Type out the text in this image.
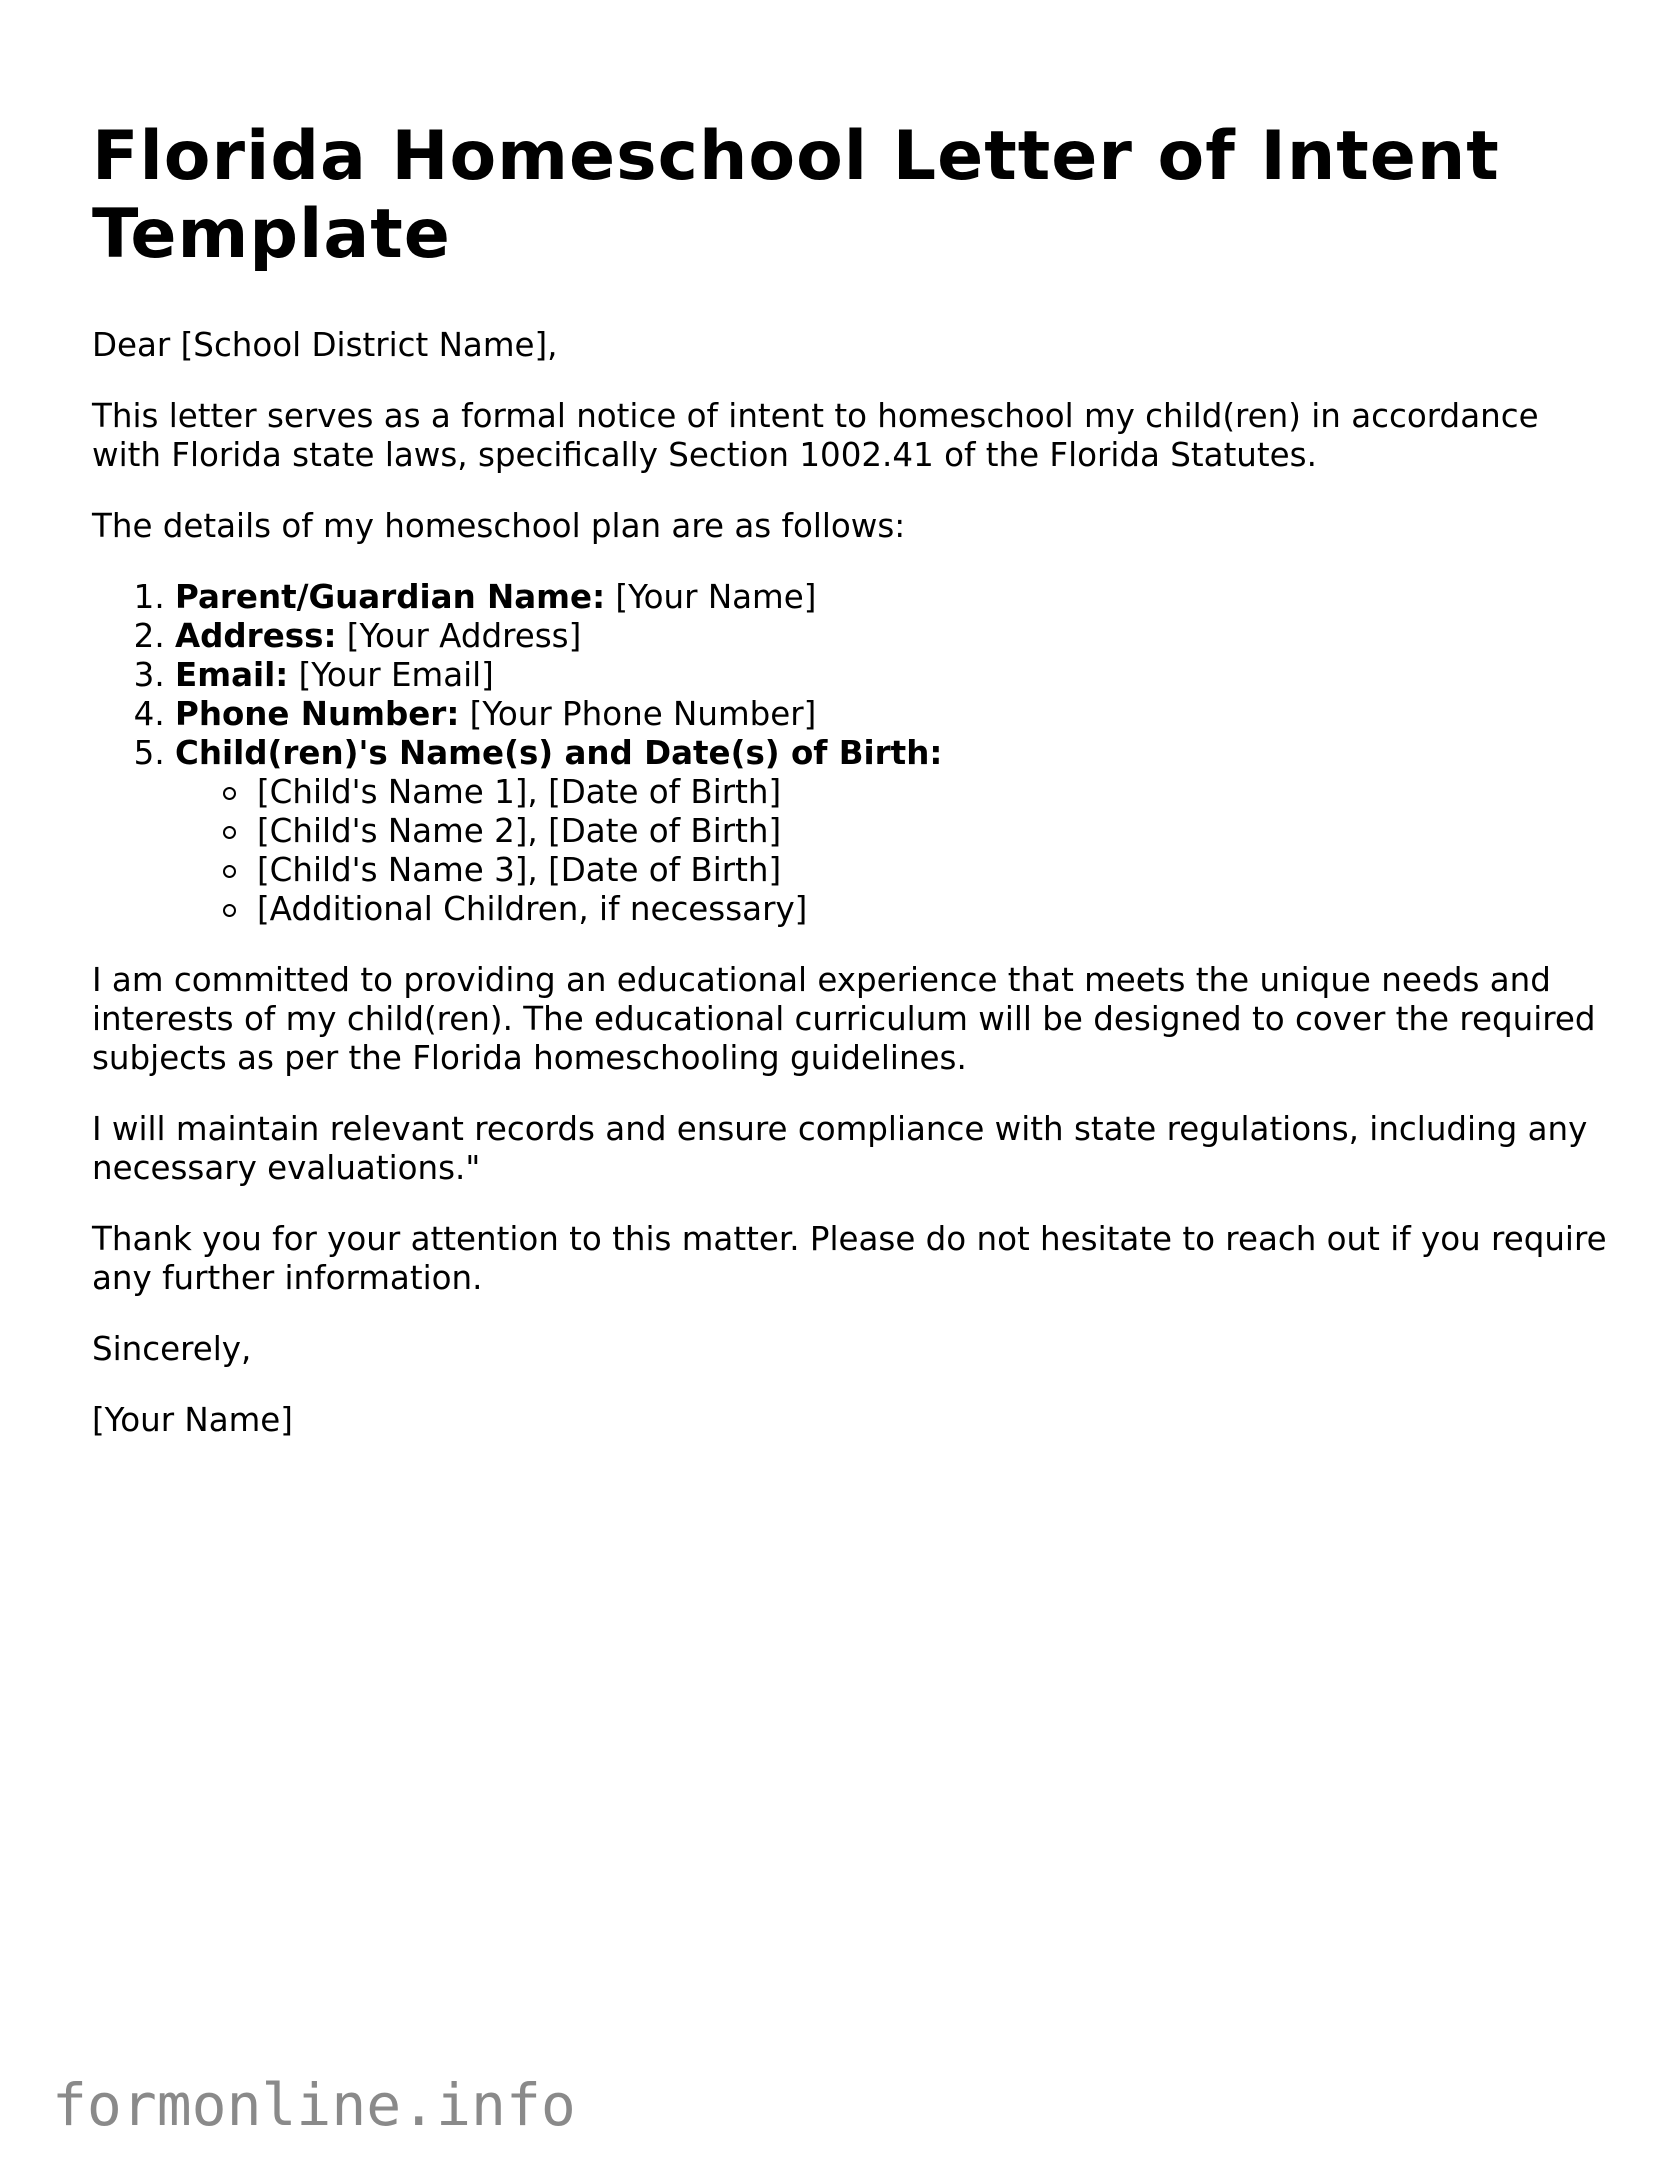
Florida Homeschool Letter of Intent Template

Dear [School District Name],

This letter serves as a formal notice of intent to homeschool my child(ren) in accordance with Florida state laws, specifically Section 1002.41 of the Florida Statutes.

The details of my homeschool plan are as follows:

1. Parent/Guardian Name: [Your Name]
2. Address: [Your Address]
3. Email: [Your Email]
4. Phone Number: [Your Phone Number]
5. Child(ren)'s Name(s) and Date(s) of Birth:
[Child's Name 1], [Date of Birth]
[Child's Name 2], [Date of Birth]
[Child's Name 3], [Date of Birth]
[Additional Children, if necessary]

I am committed to providing an educational experience that meets the unique needs and interests of my child(ren). The educational curriculum will be designed to cover the required subjects as per the Florida homeschooling guidelines.

I will maintain relevant records and ensure compliance with state regulations, including any necessary evaluations."

Thank you for your attention to this matter. Please do not hesitate to reach out if you require any further information.

Sincerely,

[Your Name]

formonline.info
